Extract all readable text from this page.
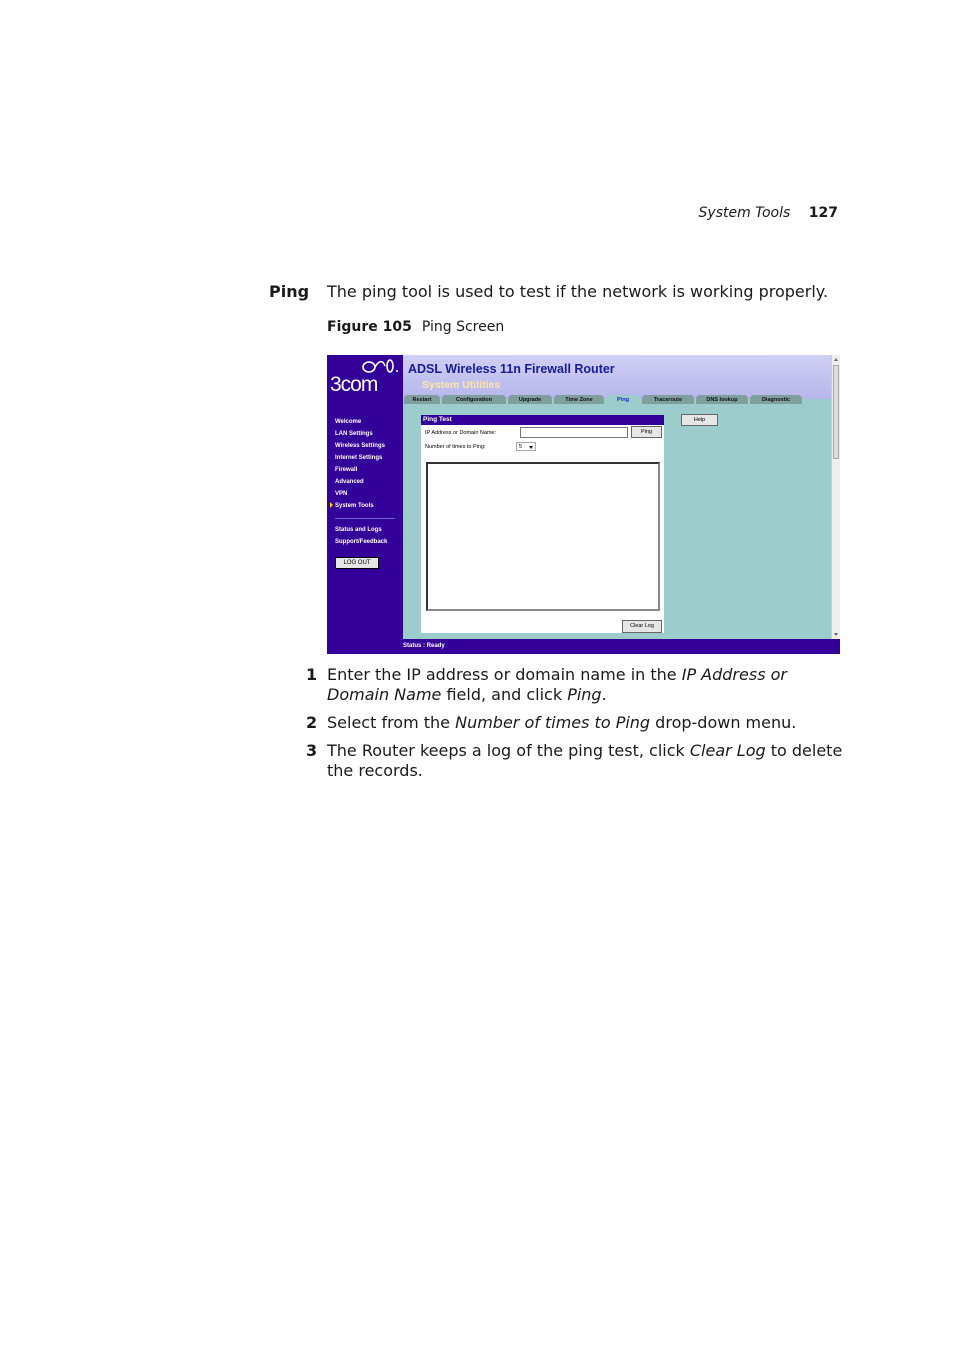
System Tools 127
Ping The ping tool is used to test if the network is working properly.
Figure 105 Ping Screen
3com
Welcome
LAN Settings
Wireless Settings
Internet Settings
Firewall
Advanced
VPN
System Tools
Status and Logs
Support/Feedback
LOG OUT
ADSL Wireless 11n Firewall Router
System Utilities
Restart	Configuration	Upgrade	Time Zone	Ping	Traceroute	DNS lookup	Diagnostic
Ping Test
IP Address or Domain Name:	Ping
Number of times to Ping:	5
Clear Log
Help
Status : Ready
1 Enter the IP address or domain name in the IP Address or Domain Name field, and click Ping.
2 Select from the Number of times to Ping drop-down menu.
3 The Router keeps a log of the ping test, click Clear Log to delete the records.
